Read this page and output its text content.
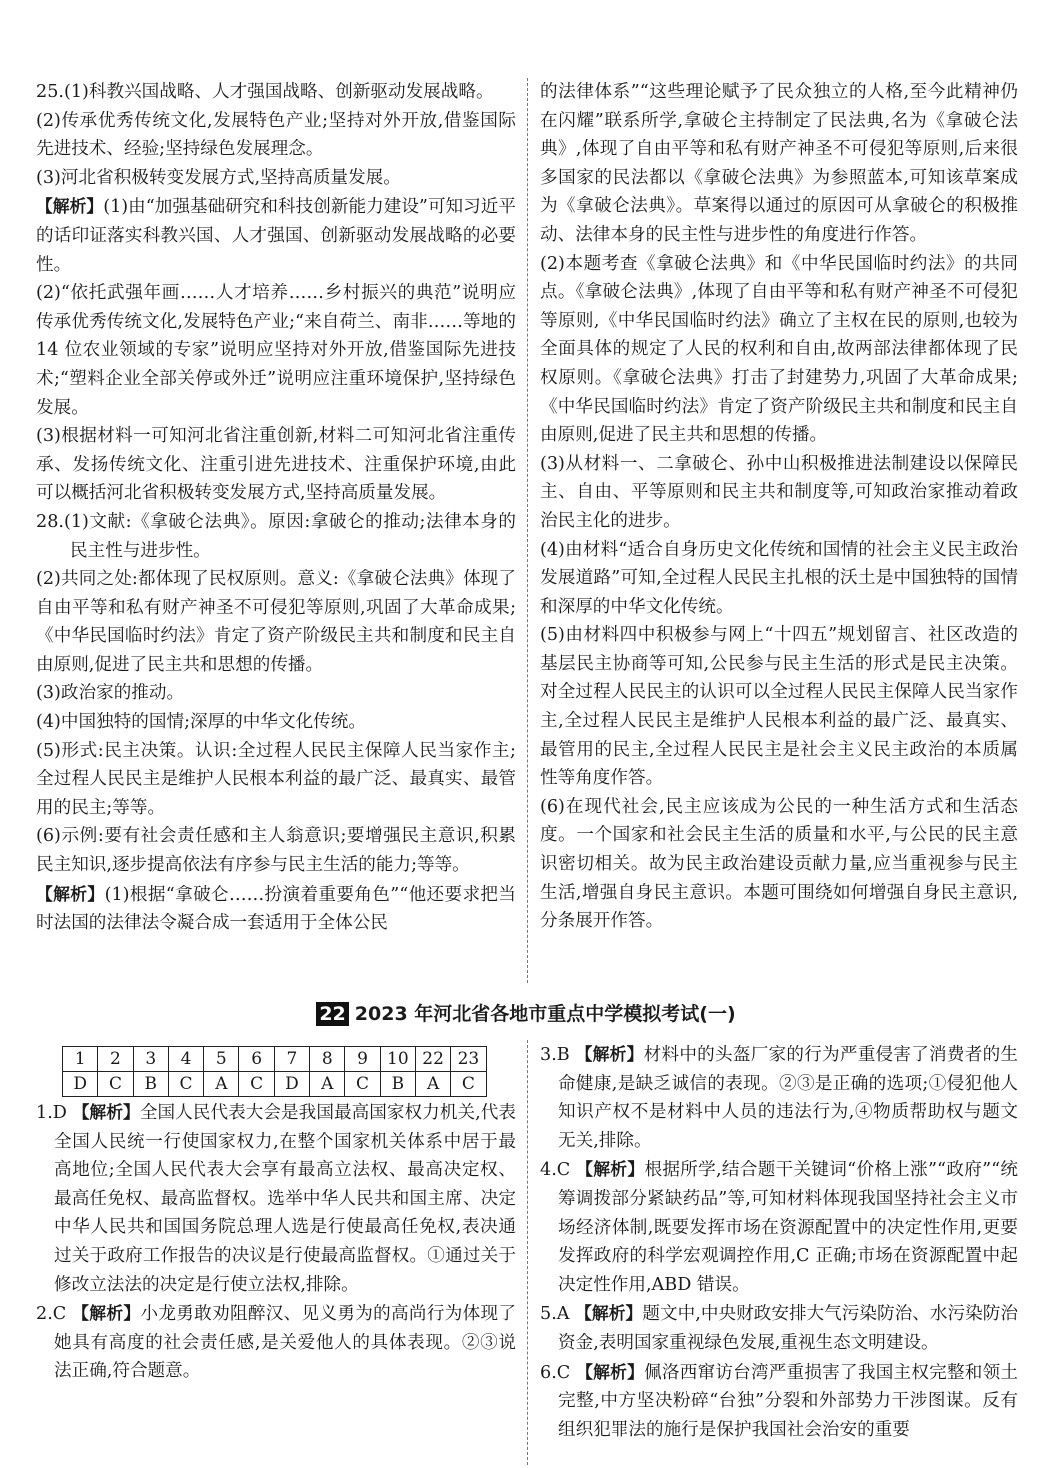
25.(1)科教兴国战略、人才强国战略、创新驱动发展战略。

(2)传承优秀传统文化,发展特色产业;坚持对外开放,借鉴国际先进技术、经验;坚持绿色发展理念。

(3)河北省积极转变发展方式,坚持高质量发展。

【解析】(1)由“加强基础研究和科技创新能力建设”可知习近平的话印证落实科教兴国、人才强国、创新驱动发展战略的必要性。

(2)“依托武强年画……人才培养……乡村振兴的典范”说明应传承优秀传统文化,发展特色产业;“来自荷兰、南非……等地的 14 位农业领域的专家”说明应坚持对外开放,借鉴国际先进技术;“塑料企业全部关停或外迁”说明应注重环境保护,坚持绿色发展。

(3)根据材料一可知河北省注重创新,材料二可知河北省注重传承、发扬传统文化、注重引进先进技术、注重保护环境,由此可以概括河北省积极转变发展方式,坚持高质量发展。

28.(1)文献:《拿破仑法典》。原因:拿破仑的推动;法律本身的民主性与进步性。

(2)共同之处:都体现了民权原则。意义:《拿破仑法典》体现了自由平等和私有财产神圣不可侵犯等原则,巩固了大革命成果;《中华民国临时约法》肯定了资产阶级民主共和制度和民主自由原则,促进了民主共和思想的传播。

(3)政治家的推动。

(4)中国独特的国情;深厚的中华文化传统。

(5)形式:民主决策。认识:全过程人民民主保障人民当家作主;全过程人民民主是维护人民根本利益的最广泛、最真实、最管用的民主;等等。

(6)示例:要有社会责任感和主人翁意识;要增强民主意识,积累民主知识,逐步提高依法有序参与民主生活的能力;等等。

【解析】(1)根据“拿破仑……扮演着重要角色”“他还要求把当时法国的法律法令凝合成一套适用于全体公民

的法律体系”“这些理论赋予了民众独立的人格,至今此精神仍在闪耀”联系所学,拿破仑主持制定了民法典,名为《拿破仑法典》,体现了自由平等和私有财产神圣不可侵犯等原则,后来很多国家的民法都以《拿破仑法典》为参照蓝本,可知该草案成为《拿破仑法典》。草案得以通过的原因可从拿破仑的积极推动、法律本身的民主性与进步性的角度进行作答。

(2)本题考查《拿破仑法典》和《中华民国临时约法》的共同点。《拿破仑法典》,体现了自由平等和私有财产神圣不可侵犯等原则,《中华民国临时约法》确立了主权在民的原则,也较为全面具体的规定了人民的权利和自由,故两部法律都体现了民权原则。《拿破仑法典》打击了封建势力,巩固了大革命成果;《中华民国临时约法》肯定了资产阶级民主共和制度和民主自由原则,促进了民主共和思想的传播。

(3)从材料一、二拿破仑、孙中山积极推进法制建设以保障民主、自由、平等原则和民主共和制度等,可知政治家推动着政治民主化的进步。

(4)由材料“适合自身历史文化传统和国情的社会主义民主政治发展道路”可知,全过程人民民主扎根的沃土是中国独特的国情和深厚的中华文化传统。

(5)由材料四中积极参与网上“十四五”规划留言、社区改造的基层民主协商等可知,公民参与民主生活的形式是民主决策。对全过程人民民主的认识可以全过程人民民主保障人民当家作主,全过程人民民主是维护人民根本利益的最广泛、最真实、最管用的民主,全过程人民民主是社会主义民主政治的本质属性等角度作答。

(6)在现代社会,民主应该成为公民的一种生活方式和生活态度。一个国家和社会民主生活的质量和水平,与公民的民主意识密切相关。故为民主政治建设贡献力量,应当重视参与民主生活,增强自身民主意识。本题可围绕如何增强自身民主意识,分条展开作答。

22 2023 年河北省各地市重点中学模拟考试(一)
1	2	3	4	5	6	7	8	9	10	22	23
D	C	B	C	A	C	D	A	C	B	A	C

1.D 【解析】全国人民代表大会是我国最高国家权力机关,代表全国人民统一行使国家权力,在整个国家机关体系中居于最高地位;全国人民代表大会享有最高立法权、最高决定权、最高任免权、最高监督权。选举中华人民共和国主席、决定中华人民共和国国务院总理人选是行使最高任免权,表决通过关于政府工作报告的决议是行使最高监督权。①通过关于修改立法法的决定是行使立法权,排除。

2.C 【解析】小龙勇敢劝阻醉汉、见义勇为的高尚行为体现了她具有高度的社会责任感,是关爱他人的具体表现。②③说法正确,符合题意。

3.B 【解析】材料中的头盔厂家的行为严重侵害了消费者的生命健康,是缺乏诚信的表现。②③是正确的选项;①侵犯他人知识产权不是材料中人员的违法行为,④物质帮助权与题文无关,排除。

4.C 【解析】根据所学,结合题干关键词“价格上涨”“政府”“统筹调拨部分紧缺药品”等,可知材料体现我国坚持社会主义市场经济体制,既要发挥市场在资源配置中的决定性作用,更要发挥政府的科学宏观调控作用,C 正确;市场在资源配置中起决定性作用,ABD 错误。

5.A 【解析】题文中,中央财政安排大气污染防治、水污染防治资金,表明国家重视绿色发展,重视生态文明建设。

6.C 【解析】佩洛西窜访台湾严重损害了我国主权完整和领土完整,中方坚决粉碎“台独”分裂和外部势力干涉图谋。反有组织犯罪法的施行是保护我国社会治安的重要
